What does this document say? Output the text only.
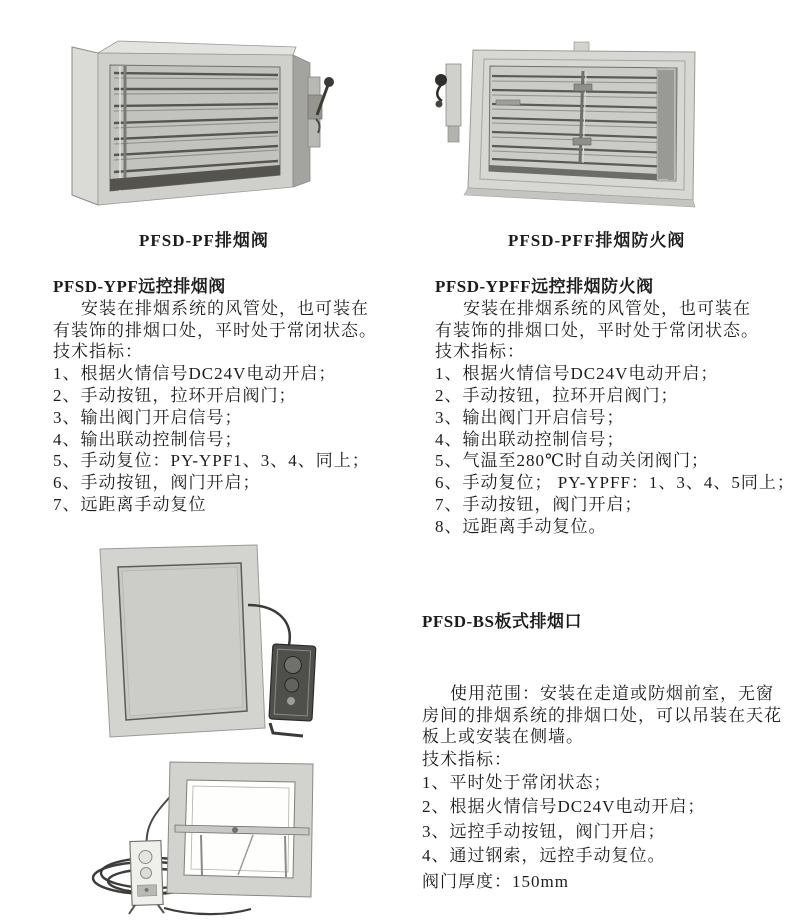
PFSD-PF排烟阀	PFSD-PFF排烟防火阀
PFSD-YPF远控排烟阀

安装在排烟系统的风管处，也可装在有装饰的排烟口处，平时处于常闭状态。

技术指标：
1、根据火情信号DC24V电动开启；
2、手动按钮，拉环开启阀门；
3、输出阀门开启信号；
4、输出联动控制信号；
5、手动复位：PY-YPF1、3、4、同上；
6、手动按钮，阀门开启；
7、远距离手动复位
PFSD-YPFF远控排烟防火阀

安装在排烟系统的风管处，也可装在有装饰的排烟口处，平时处于常闭状态。

技术指标：
1、根据火情信号DC24V电动开启；
2、手动按钮，拉环开启阀门；
3、输出阀门开启信号；
4、输出联动控制信号；
5、气温至280℃时自动关闭阀门；
6、手动复位； PY-YPFF：1、3、4、5同上；
7、手动按钮，阀门开启；
8、远距离手动复位。
PFSD-BS板式排烟口

使用范围：安装在走道或防烟前室，无窗房间的排烟系统的排烟口处，可以吊装在天花板上或安装在侧墙。

技术指标：
1、平时处于常闭状态；
2、根据火情信号DC24V电动开启；
3、远控手动按钮，阀门开启；
4、通过钢索，远控手动复位。
阀门厚度：150mm
